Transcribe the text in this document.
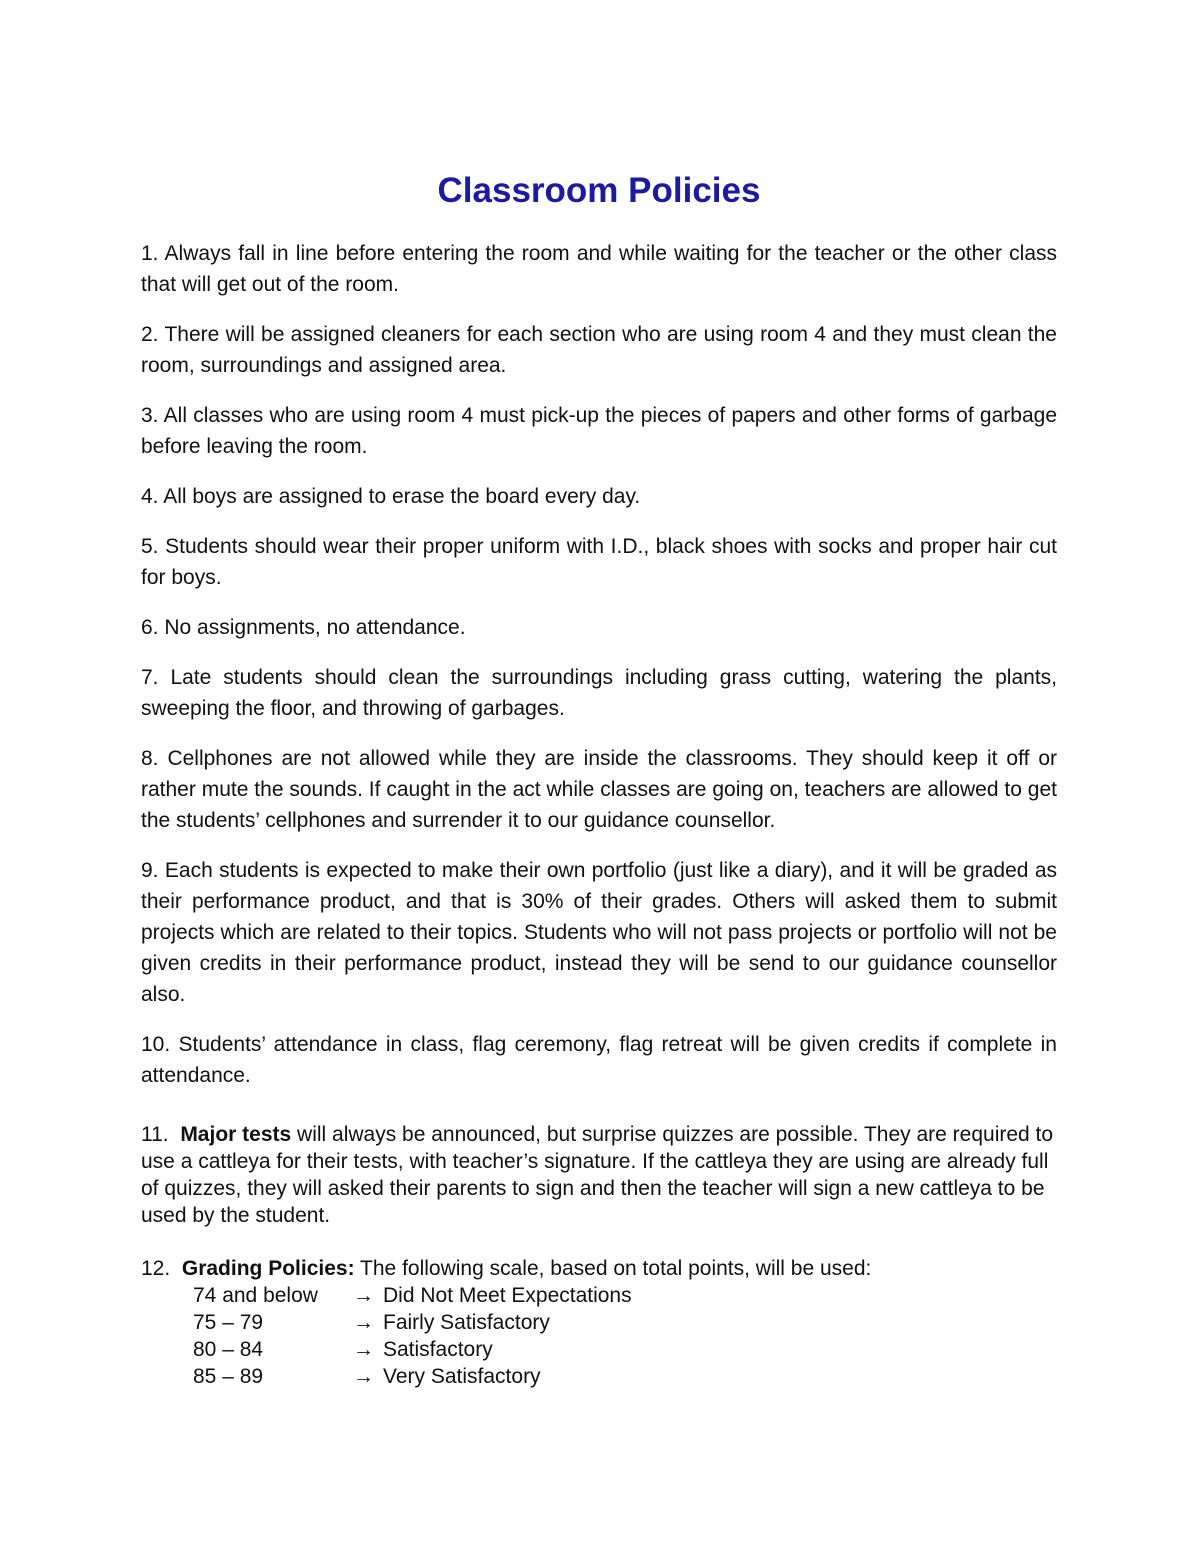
Classroom Policies

1. Always fall in line before entering the room and while waiting for the teacher or the other class that will get out of the room.

2. There will be assigned cleaners for each section who are using room 4 and they must clean the room, surroundings and assigned area.

3. All classes who are using room 4 must pick-up the pieces of papers and other forms of garbage before leaving the room.

4. All boys are assigned to erase the board every day.

5. Students should wear their proper uniform with I.D., black shoes with socks and proper hair cut for boys.

6. No assignments, no attendance.

7. Late students should clean the surroundings including grass cutting, watering the plants, sweeping the floor, and throwing of garbages.

8. Cellphones are not allowed while they are inside the classrooms. They should keep it off or rather mute the sounds. If caught in the act while classes are going on, teachers are allowed to get the students’ cellphones and surrender it to our guidance counsellor.

9. Each students is expected to make their own portfolio (just like a diary), and it will be graded as their performance product, and that is 30% of their grades. Others will asked them to submit projects which are related to their topics. Students who will not pass projects or portfolio will not be given credits in their performance product, instead they will be send to our guidance counsellor also.

10. Students’ attendance in class, flag ceremony, flag retreat will be given credits if complete in attendance.

11. Major tests will always be announced, but surprise quizzes are possible. They are required to use a cattleya for their tests, with teacher’s signature. If the cattleya they are using are already full of quizzes, they will asked their parents to sign and then the teacher will sign a new cattleya to be used by the student.

12. Grading Policies: The following scale, based on total points, will be used:

74 and below	→ Did Not Meet Expectations
75 – 79	→ Fairly Satisfactory
80 – 84	→ Satisfactory
85 – 89	→ Very Satisfactory
